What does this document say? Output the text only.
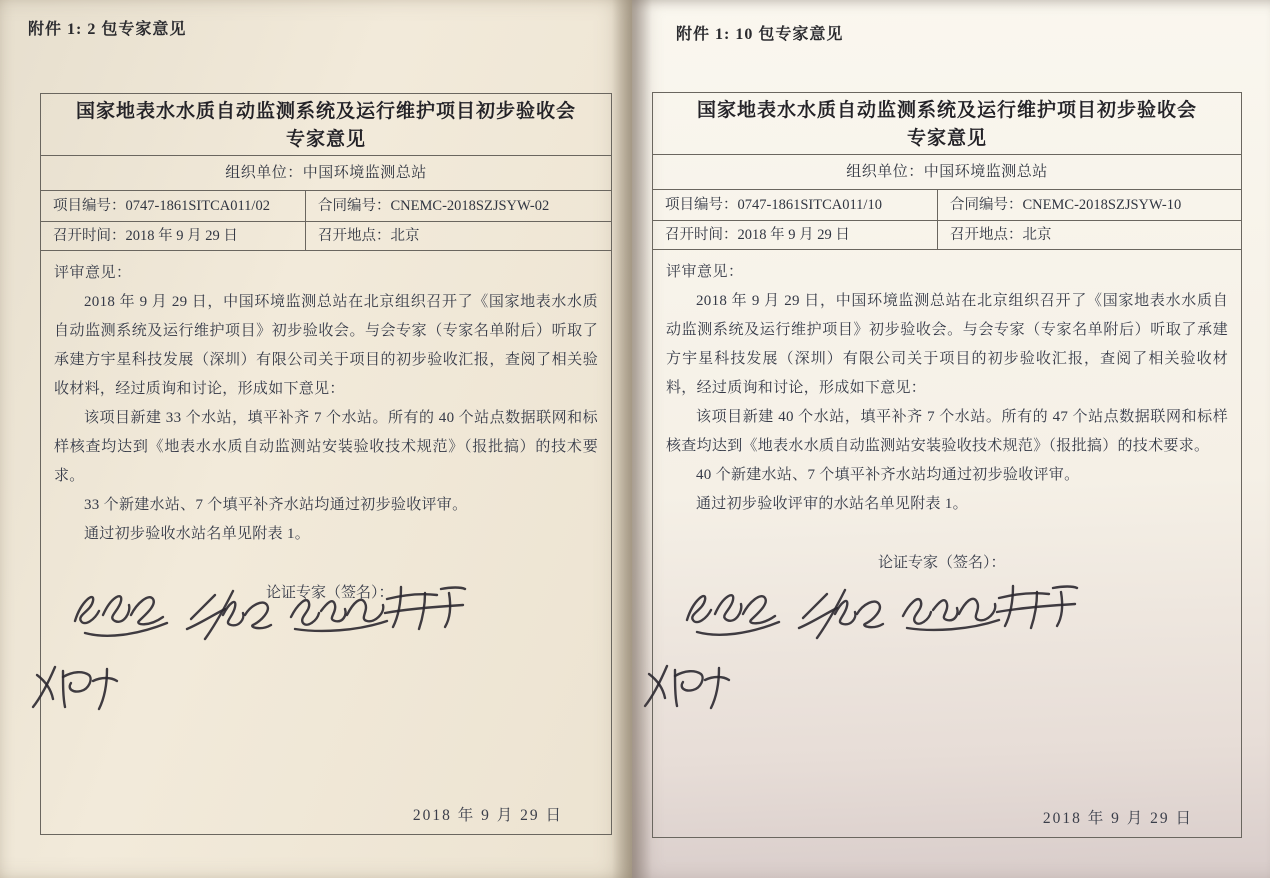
附件 1: 2 包专家意见
国家地表水水质自动监测系统及运行维护项目初步验收会
专家意见
组织单位：中国环境监测总站
项目编号：0747-1861SITCA011/02	合同编号：CNEMC-2018SZJSYW-02
召开时间：2018 年 9 月 29 日	召开地点：北京
评审意见：

2018 年 9 月 29 日，中国环境监测总站在北京组织召开了《国家地表水水质自动监测系统及运行维护项目》初步验收会。与会专家（专家名单附后）听取了承建方宇星科技发展（深圳）有限公司关于项目的初步验收汇报，查阅了相关验收材料，经过质询和讨论，形成如下意见：

该项目新建 33 个水站，填平补齐 7 个水站。所有的 40 个站点数据联网和标样核查均达到《地表水水质自动监测站安装验收技术规范》（报批搞）的技术要求。

33 个新建水站、7 个填平补齐水站均通过初步验收评审。

通过初步验收水站名单见附表 1。

论证专家（签名）：
2018 年 9 月 29 日
附件 1: 10 包专家意见
国家地表水水质自动监测系统及运行维护项目初步验收会
专家意见
组织单位：中国环境监测总站
项目编号：0747-1861SITCA011/10	合同编号：CNEMC-2018SZJSYW-10
召开时间：2018 年 9 月 29 日	召开地点：北京
评审意见：

2018 年 9 月 29 日，中国环境监测总站在北京组织召开了《国家地表水水质自动监测系统及运行维护项目》初步验收会。与会专家（专家名单附后）听取了承建方宇星科技发展（深圳）有限公司关于项目的初步验收汇报，查阅了相关验收材料，经过质询和讨论，形成如下意见：

该项目新建 40 个水站，填平补齐 7 个水站。所有的 47 个站点数据联网和标样核查均达到《地表水水质自动监测站安装验收技术规范》（报批搞）的技术要求。

40 个新建水站、7 个填平补齐水站均通过初步验收评审。

通过初步验收评审的水站名单见附表 1。

论证专家（签名）：
2018 年 9 月 29 日
